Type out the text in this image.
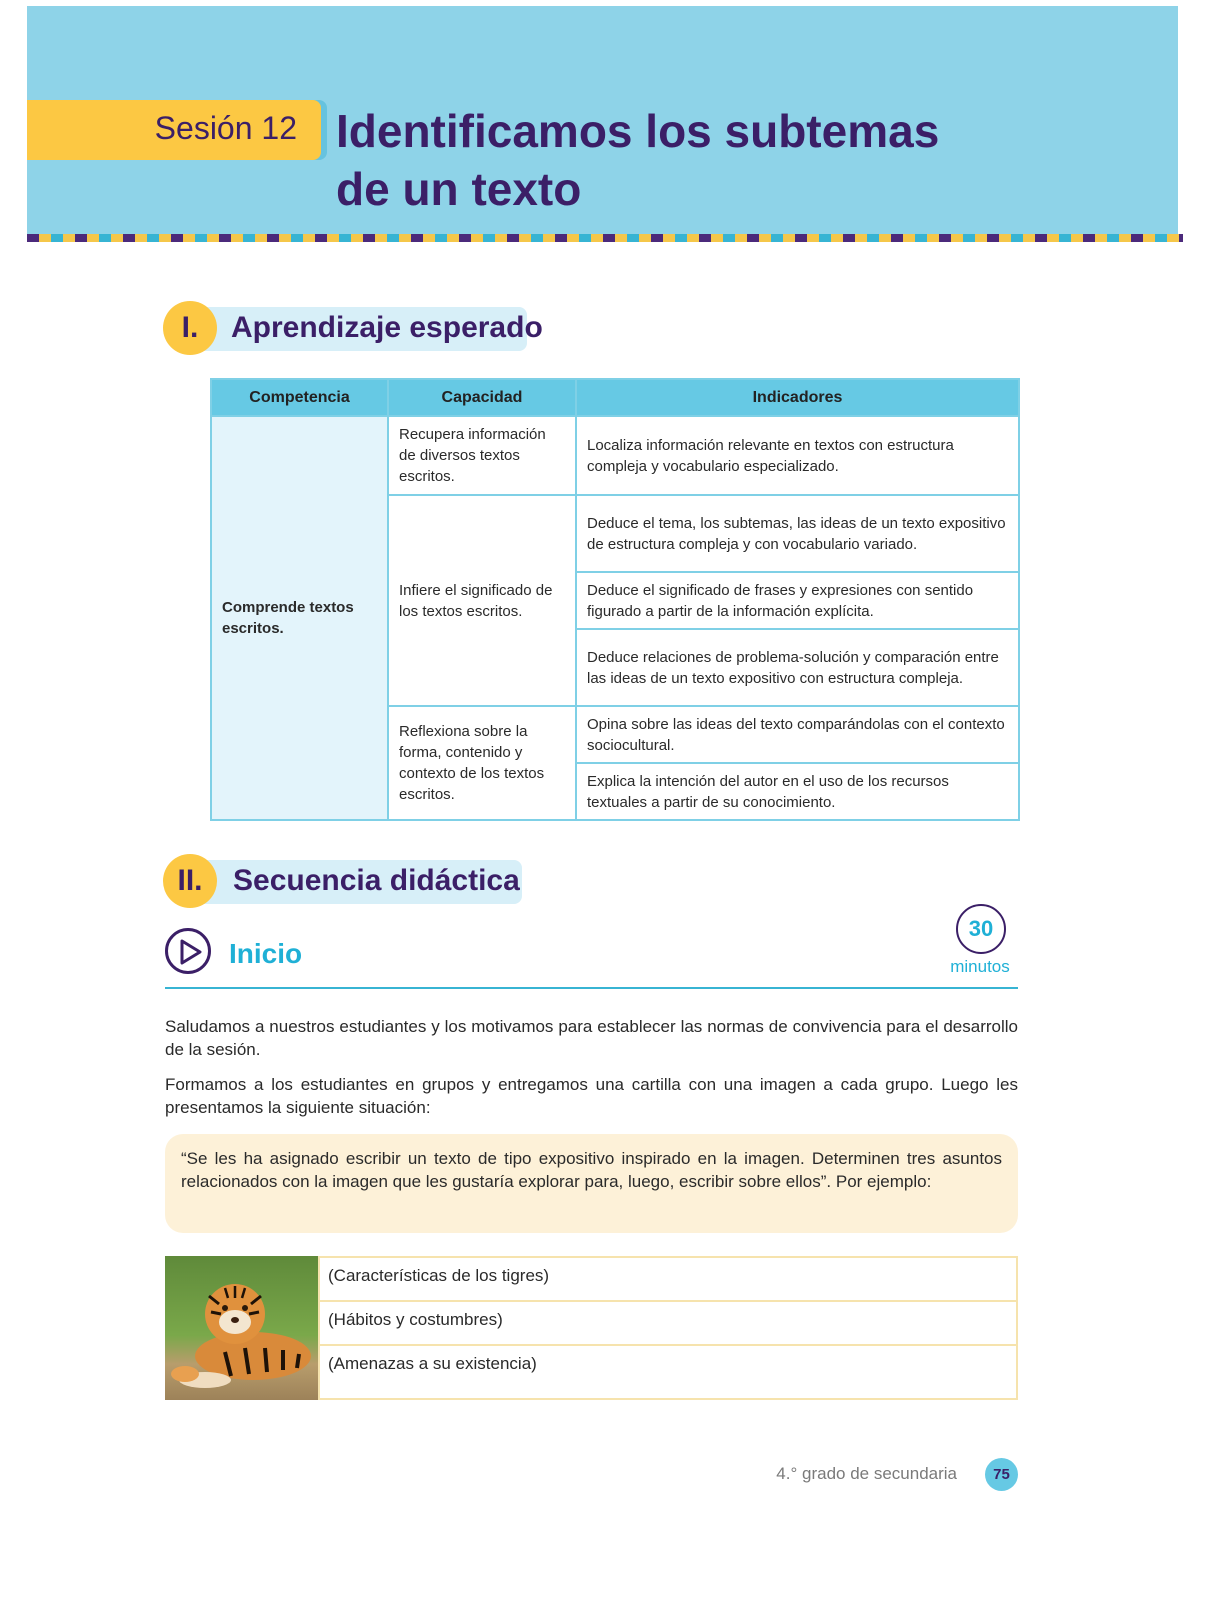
Sesión 12 Identificamos los subtemas
de un texto
I.	Aprendizaje esperado
Competencia	Capacidad	Indicadores
Comprende textos escritos.	Recupera información de diversos textos escritos.	Localiza información relevante en textos con estructura compleja y vocabulario especializado.
	Infiere el significado de los textos escritos.	Deduce el tema, los subtemas, las ideas de un texto expositivo de estructura compleja y con vocabulario variado.
		Deduce el significado de frases y expresiones con sentido figurado a partir de la información explícita.
		Deduce relaciones de problema-solución y comparación entre las ideas de un texto expositivo con estructura compleja.
	Reflexiona sobre la forma, contenido y contexto de los textos escritos.	Opina sobre las ideas del texto comparándolas con el contexto sociocultural.
		Explica la intención del autor en el uso de los recursos textuales a partir de su conocimiento.
II.	Secuencia didáctica
Inicio
30
minutos

Saludamos a nuestros estudiantes y los motivamos para establecer las normas de convivencia para el desarrollo de la sesión.

Formamos a los estudiantes en grupos y entregamos una cartilla con una imagen a cada grupo. Luego les presentamos la siguiente situación:

“Se les ha asignado escribir un texto de tipo expositivo inspirado en la imagen. Determinen tres asuntos relacionados con la imagen que les gustaría explorar para, luego, escribir sobre ellos”. Por ejemplo:
(Características de los tigres)
(Hábitos y costumbres)
(Amenazas a su existencia)
4.° grado de secundaria	75
